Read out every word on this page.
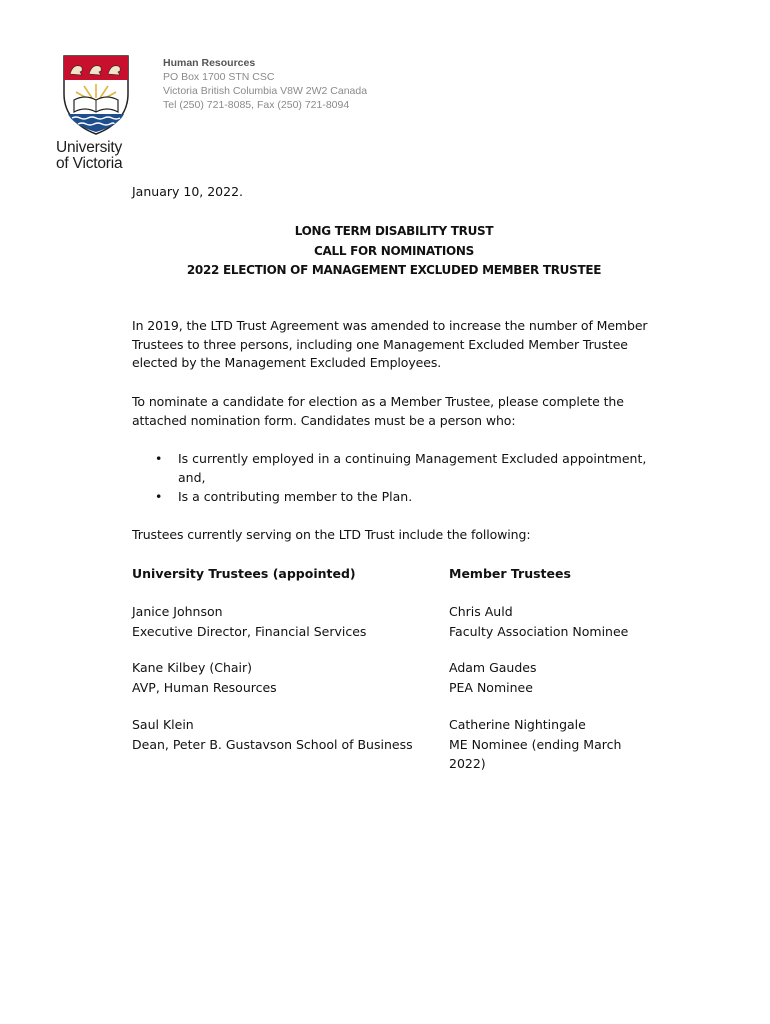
University
of Victoria
Human Resources
PO Box 1700 STN CSC
Victoria British Columbia V8W 2W2 Canada
Tel (250) 721-8085, Fax (250) 721-8094
January 10, 2022.
LONG TERM DISABILITY TRUST
CALL FOR NOMINATIONS
2022 ELECTION OF MANAGEMENT EXCLUDED MEMBER TRUSTEE
In 2019, the LTD Trust Agreement was amended to increase the number of Member Trustees to three persons, including one Management Excluded Member Trustee elected by the Management Excluded Employees.
To nominate a candidate for election as a Member Trustee, please complete the attached nomination form. Candidates must be a person who:
• Is currently employed in a continuing Management Excluded appointment, and,
• Is a contributing member to the Plan.
Trustees currently serving on the LTD Trust include the following:
University Trustees (appointed)	Member Trustees
Janice Johnson
Executive Director, Financial Services
Kane Kilbey (Chair)
AVP, Human Resources
Saul Klein
Dean, Peter B. Gustavson School of Business
Chris Auld
Faculty Association Nominee
Adam Gaudes
PEA Nominee
Catherine Nightingale
ME Nominee (ending March 2022)
